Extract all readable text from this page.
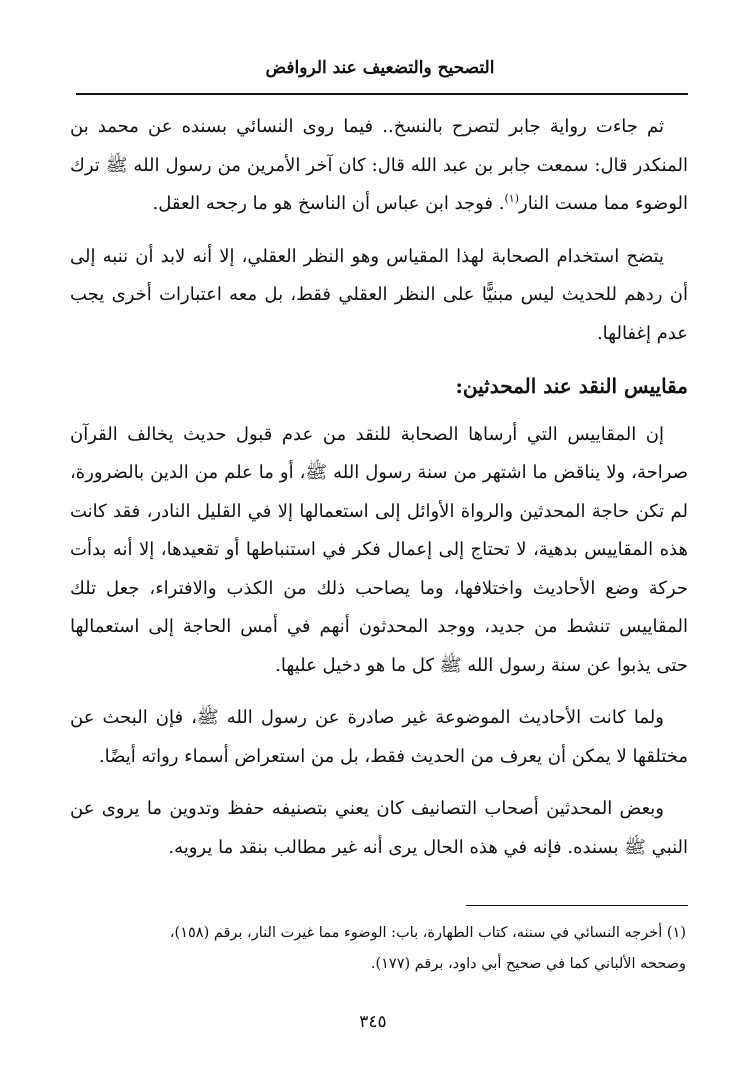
التصحيح والتضعيف عند الروافض

ثم جاءت رواية جابر لتصرح بالنسخ.. فيما روى النسائي بسنده عن محمد بن المنكدر قال: سمعت جابر بن عبد الله قال: كان آخر الأمرين من رسول الله ﷺ ترك الوضوء مما مست النار$^{(١)}$. فوجد ابن عباس أن الناسخ هو ما رجحه العقل.

يتضح استخدام الصحابة لهذا المقياس وهو النظر العقلي، إلا أنه لابد أن ننبه إلى أن ردهم للحديث ليس مبنيًّا على النظر العقلي فقط، بل معه اعتبارات أخرى يجب عدم إغفالها.

مقاييس النقد عند المحدثين:

إن المقاييس التي أرساها الصحابة للنقد من عدم قبول حديث يخالف القرآن صراحة، ولا يناقض ما اشتهر من سنة رسول الله ﷺ، أو ما علم من الدين بالضرورة، لم تكن حاجة المحدثين والرواة الأوائل إلى استعمالها إلا في القليل النادر، فقد كانت هذه المقاييس بدهية، لا تحتاج إلى إعمال فكر في استنباطها أو تقعيدها، إلا أنه بدأت حركة وضع الأحاديث واختلافها، وما يصاحب ذلك من الكذب والافتراء، جعل تلك المقاييس تنشط من جديد، ووجد المحدثون أنهم في أمس الحاجة إلى استعمالها حتى يذبوا عن سنة رسول الله ﷺ كل ما هو دخيل عليها.

ولما كانت الأحاديث الموضوعة غير صادرة عن رسول الله ﷺ، فإن البحث عن مختلقها لا يمكن أن يعرف من الحديث فقط، بل من استعراض أسماء رواته أيضًا.

وبعض المحدثين أصحاب التصانيف كان يعني بتصنيفه حفظ وتدوين ما يروى عن النبي ﷺ بسنده. فإنه في هذه الحال يرى أنه غير مطالب بنقد ما يرويه.

(١) أخرجه النسائي في سننه، كتاب الطهارة، باب: الوضوء مما غيرت النار، برقم (١٥٨)،

وصححه الألباني كما في صحيح أبي داود، برقم (١٧٧).

٣٤٥
